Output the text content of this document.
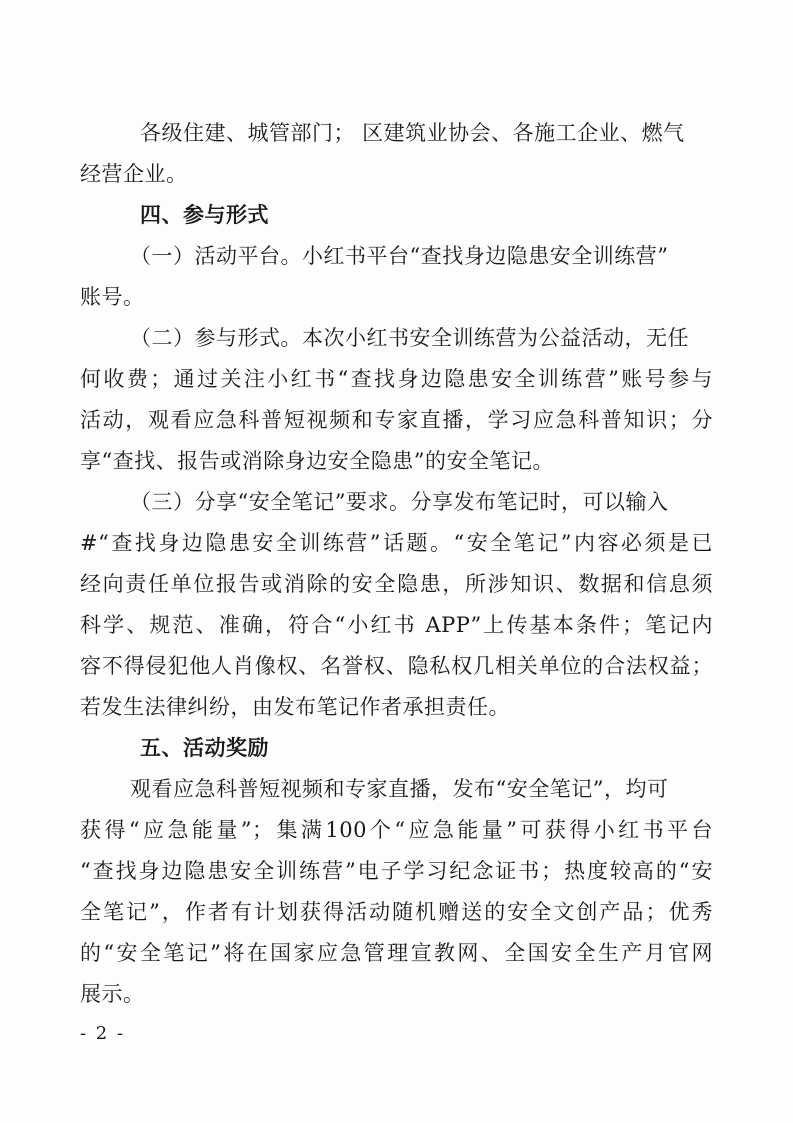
各级住建、城管部门； 区建筑业协会、各施工企业、燃气
经营企业。
四、参与形式
（一）活动平台。小红书平台“查找身边隐患安全训练营”
账号。
（二）参与形式。本次小红书安全训练营为公益活动，无任
何收费；通过关注小红书“查找身边隐患安全训练营”账号参与
活动，观看应急科普短视频和专家直播，学习应急科普知识；分
享“查找、报告或消除身边安全隐患”的安全笔记。
（三）分享“安全笔记”要求。分享发布笔记时，可以输入
#“查找身边隐患安全训练营”话题。“安全笔记”内容必须是已
经向责任单位报告或消除的安全隐患，所涉知识、数据和信息须
科学、规范、准确，符合“小红书 APP”上传基本条件；笔记内
容不得侵犯他人肖像权、名誉权、隐私权几相关单位的合法权益；
若发生法律纠纷，由发布笔记作者承担责任。
五、活动奖励
观看应急科普短视频和专家直播，发布“安全笔记”，均可
获得“应急能量”；集满100个“应急能量”可获得小红书平台
“查找身边隐患安全训练营”电子学习纪念证书；热度较高的“安
全笔记”，作者有计划获得活动随机赠送的安全文创产品；优秀
的“安全笔记”将在国家应急管理宣教网、全国安全生产月官网
展示。
- 2 -
